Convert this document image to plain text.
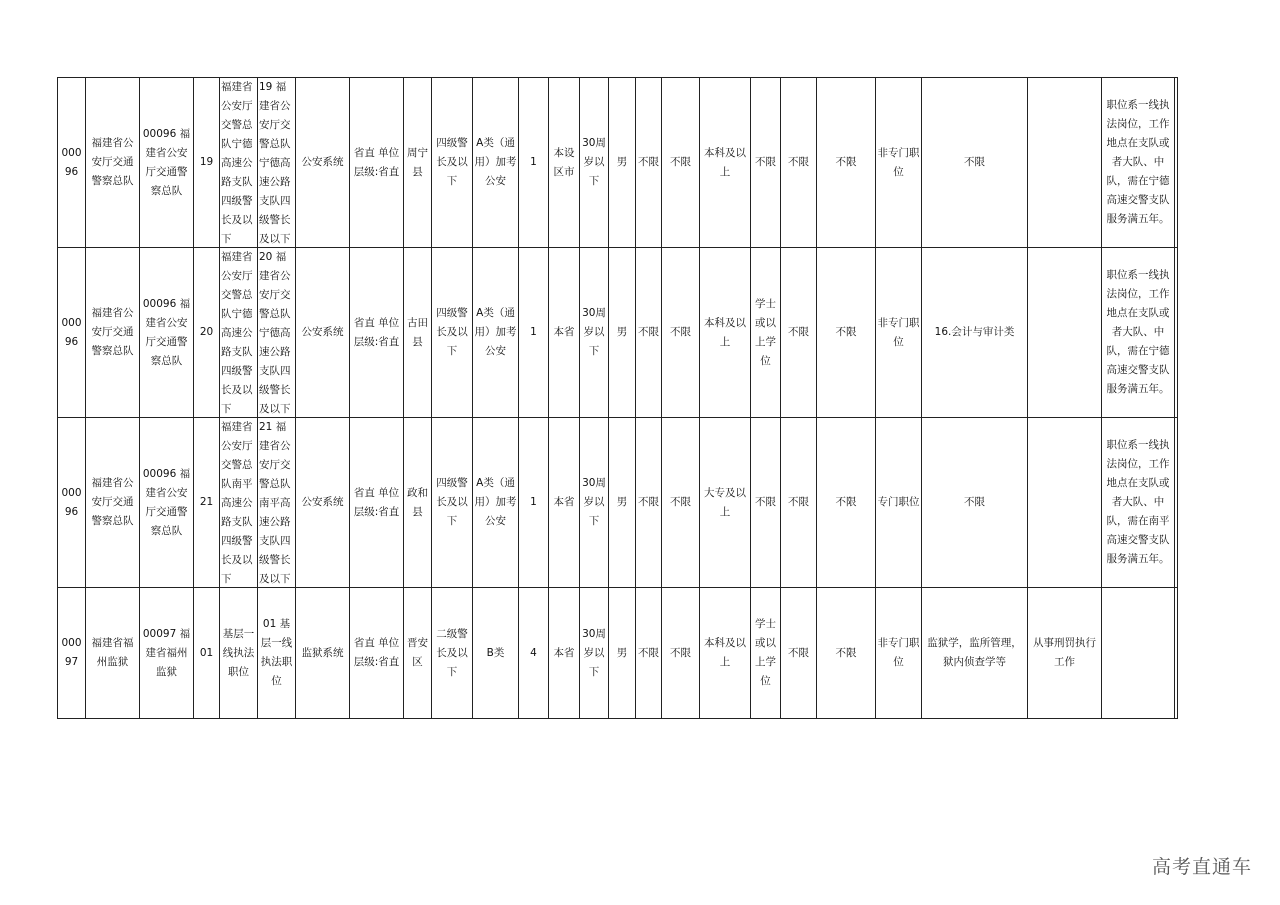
00096	福建省公安厅交通警察总队	00096 福建省公安厅交通警察总队	19	福建省公安厅交警总队宁德高速公路支队四级警长及以下	19 福建省公安厅交警总队宁德高速公路支队四级警长及以下	公安系统	省直 单位层级:省直	周宁县	四级警长及以下	A类（通用）加考公安	1	本设区市	30周岁以下	男	不限	不限	本科及以上	不限	不限	不限	非专门职位	不限		职位系一线执法岗位，工作地点在支队或者大队、中队，需在宁德高速交警支队服务满五年。	

00096	福建省公安厅交通警察总队	00096 福建省公安厅交通警察总队	20	福建省公安厅交警总队宁德高速公路支队四级警长及以下	20 福建省公安厅交警总队宁德高速公路支队四级警长及以下	公安系统	省直 单位层级:省直	古田县	四级警长及以下	A类（通用）加考公安	1	本省	30周岁以下	男	不限	不限	本科及以上	学士或以上学位	不限	不限	非专门职位	16.会计与审计类		职位系一线执法岗位，工作地点在支队或者大队、中队，需在宁德高速交警支队服务满五年。	

00096	福建省公安厅交通警察总队	00096 福建省公安厅交通警察总队	21	福建省公安厅交警总队南平高速公路支队四级警长及以下	21 福建省公安厅交警总队南平高速公路支队四级警长及以下	公安系统	省直 单位层级:省直	政和县	四级警长及以下	A类（通用）加考公安	1	本省	30周岁以下	男	不限	不限	大专及以上	不限	不限	不限	专门职位	不限		职位系一线执法岗位，工作地点在支队或者大队、中队，需在南平高速交警支队服务满五年。	

00097	福建省福州监狱	00097 福建省福州监狱	01	基层一线执法职位	01 基层一线执法职位	监狱系统	省直 单位层级:省直	晋安区	二级警长及以下	B类	4	本省	30周岁以下	男	不限	不限	本科及以上	学士或以上学位	不限	不限	非专门职位	监狱学，监所管理，狱内侦查学等	从事刑罚执行工作		
高考直通车
